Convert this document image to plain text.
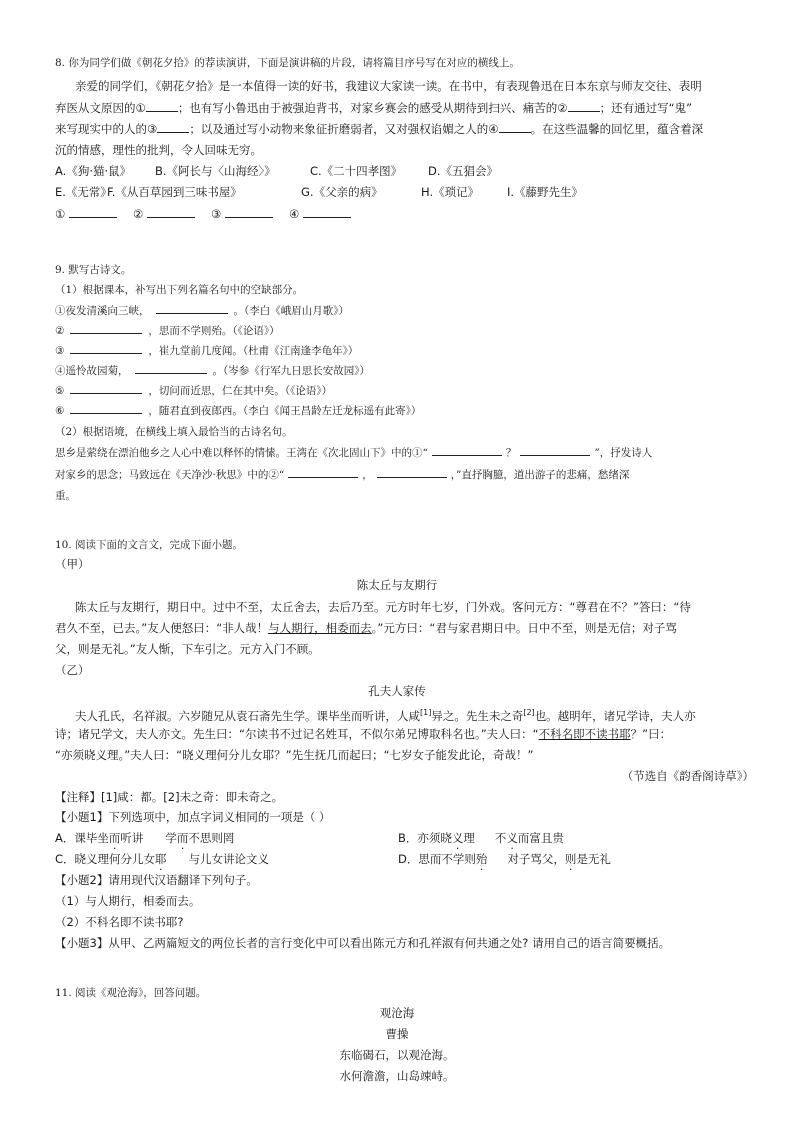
8. 你为同学们做《朝花夕拾》的荐读演讲，下面是演讲稿的片段，请将篇目序号写在对应的横线上。
亲爱的同学们，《朝花夕拾》是一本值得一读的好书，我建议大家读一读。在书中，有表现鲁迅在日本东京与师友交往、表明
弃医从文原因的①	；也有写小鲁迅由于被强迫背书，对家乡赛会的感受从期待到扫兴、痛苦的②	；还有通过写“鬼”
来写现实中的人的③	；以及通过写小动物来象征折磨弱者，又对强权谄媚之人的④	。在这些温馨的回忆里，蕴含着深
沉的情感，理性的批判，令人回味无穷。
A.《狗·猫·鼠》	B.《阿长与〈山海经〉》	C.《二十四孝图》	D.《五猖会》
E.《无常》
F.《从百草园到三味书屋》	G.《父亲的病》	H.《琐记》	I.《藤野先生》
①	②	③	④
9. 默写古诗文。
（1）根据课本，补写出下列名篇名句中的空缺部分。
①夜发清溪向三峡，	。（李白《峨眉山月歌》）
②	，思而不学则殆。（《论语》）
③	，崔九堂前几度闻。（杜甫《江南逢李龟年》）
④遥怜故园菊，	。（岑参《行军九日思长安故园》）
⑤	，切问而近思，仁在其中矣。（《论语》）
⑥	，随君直到夜郎西。（李白《闻王昌龄左迁龙标遥有此寄》）
（2）根据语境，在横线上填入最恰当的古诗名句。
思乡是萦绕在漂泊他乡之人心中难以释怀的情愫。王湾在《次北固山下》中的①“	？	”，抒发诗人
对家乡的思念；马致远在《天净沙·秋思》中的②“	，	，”直抒胸臆，道出游子的悲痛，愁绪深
重。
10. 阅读下面的文言文，完成下面小题。
（甲）
陈太丘与友期行
陈太丘与友期行，期日中。过中不至，太丘舍去，去后乃至。元方时年七岁，门外戏。客问元方：“尊君在不？”答曰：“待
君久不至，已去。”友人便怒曰：“非人哉！与人期行，相委而去。”元方曰：“君与家君期日中。日中不至，则是无信；对子骂
父，则是无礼。”友人惭，下车引之。元方入门不顾。
（乙）
孔夫人家传
夫人孔氏，名祥淑。六岁随兄从袁石斋先生学。课毕坐而听讲，人咸[1]异之。先生未之奇[2]也。越明年，诸兄学诗，夫人亦
诗；诸兄学文，夫人亦文。先生曰：“尔读书不过记名姓耳，不似尔弟兄博取科名也。”夫人曰：“不科名即不读书耶？”曰：
“亦须晓义理。”夫人曰：“晓义理何分儿女耶？”先生抚几而起曰；“七岁女子能发此论，奇哉！”
（节选自《韵香阁诗草》）
【注释】[1]咸：都。[2]未之奇：即未奇之。
【小题1】下列选项中，加点字词义相同的一项是（ ）
A．课毕坐而听讲 学而不思则罔	B．亦须晓义理 不义而富且贵
C．晓义理何分儿女耶 与儿女讲论文义	D．思而不学则殆 对子骂父，则是无礼
【小题2】请用现代汉语翻译下列句子。
（1）与人期行，相委而去。
（2）不科名即不读书耶?
【小题3】从甲、乙两篇短文的两位长者的言行变化中可以看出陈元方和孔祥淑有何共通之处? 请用自己的语言简要概括。
11. 阅读《观沧海》，回答问题。
观沧海
曹操
东临碣石，以观沧海。
水何澹澹，山岛竦峙。
